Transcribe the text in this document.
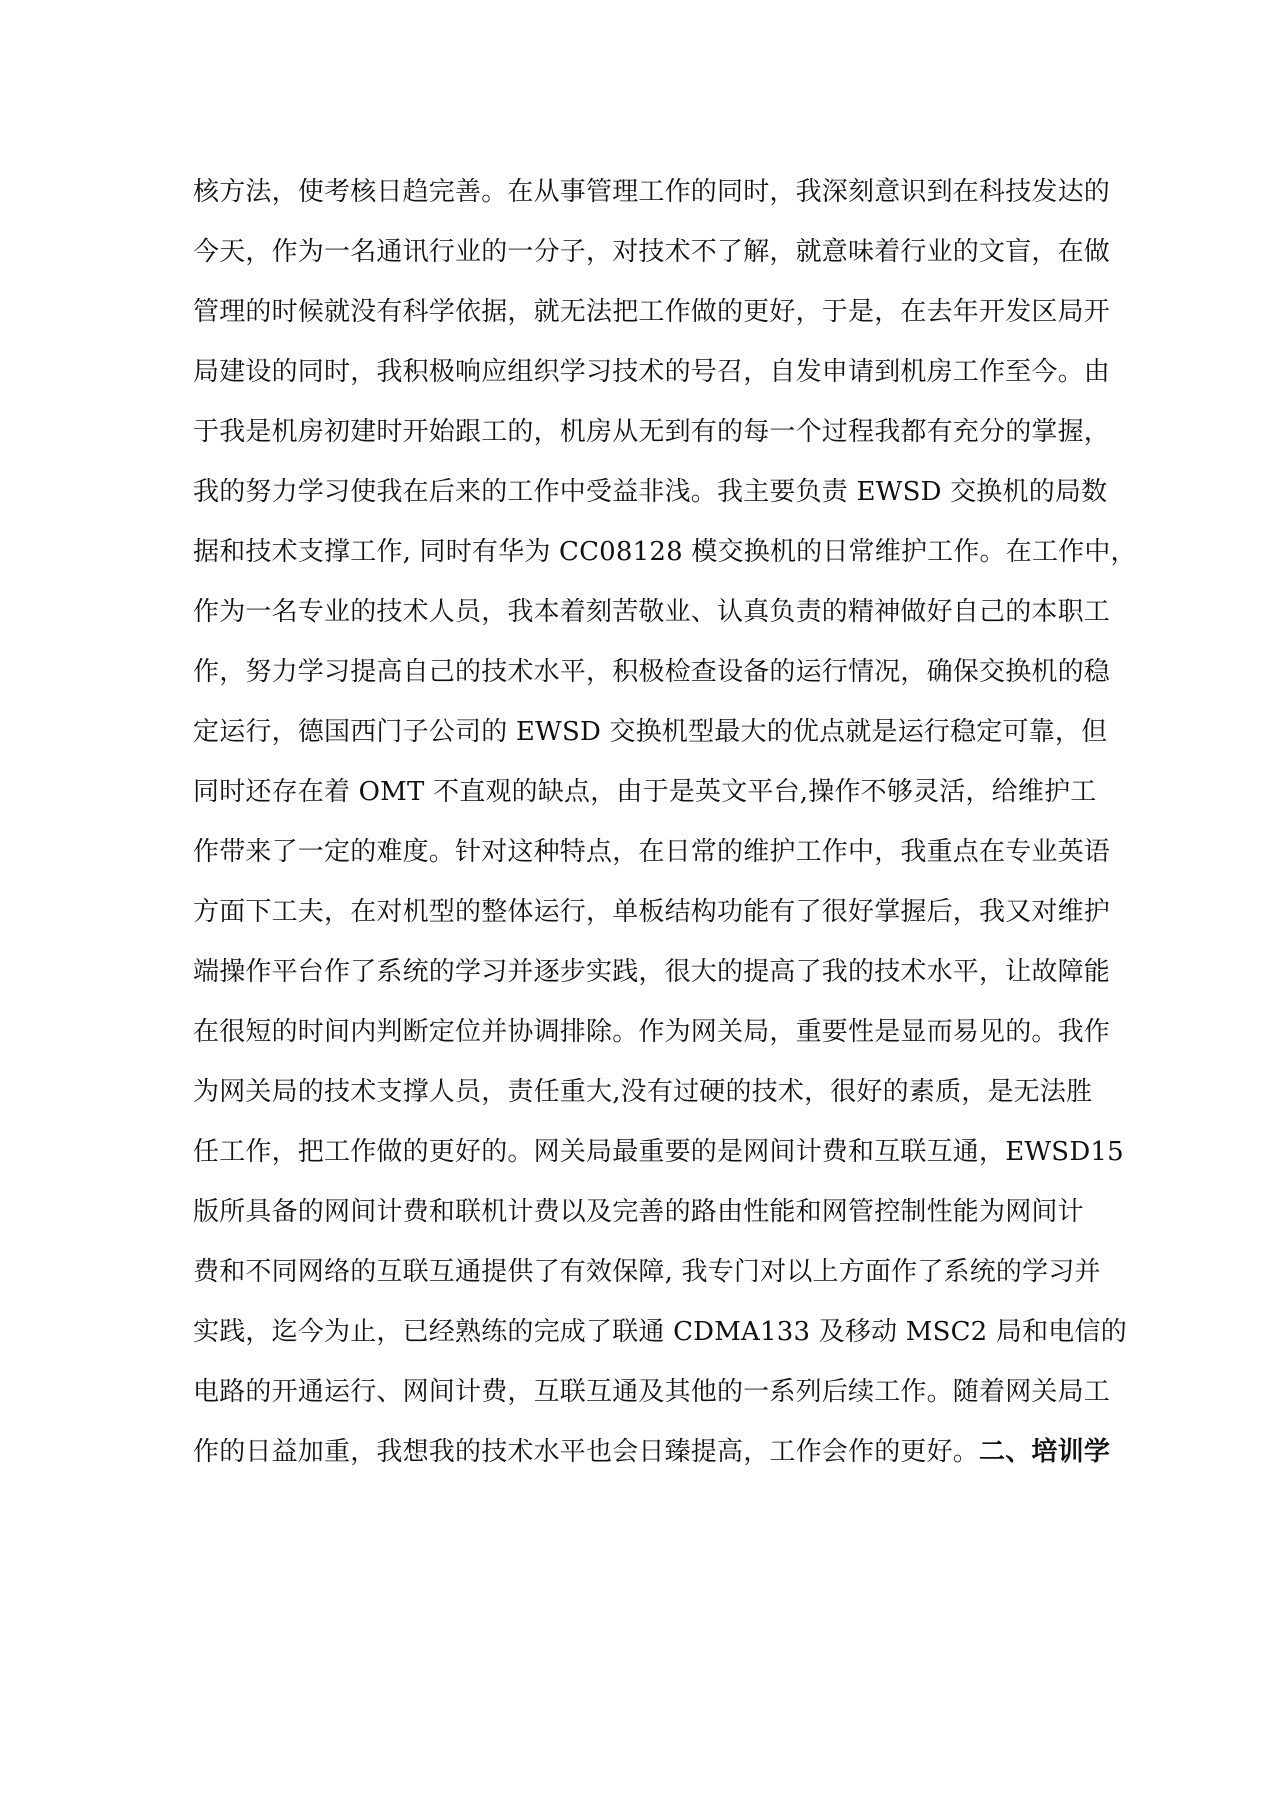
核方法，使考核日趋完善。在从事管理工作的同时，我深刻意识到在科技发达的
今天，作为一名通讯行业的一分子，对技术不了解，就意味着行业的文盲，在做
管理的时候就没有科学依据，就无法把工作做的更好，于是，在去年开发区局开
局建设的同时，我积极响应组织学习技术的号召，自发申请到机房工作至今。由
于我是机房初建时开始跟工的，机房从无到有的每一个过程我都有充分的掌握，
我的努力学习使我在后来的工作中受益非浅。我主要负责 EWSD 交换机的局数
据和技术支撑工作, 同时有华为 CC08128 模交换机的日常维护工作。在工作中，
作为一名专业的技术人员，我本着刻苦敬业、认真负责的精神做好自己的本职工
作，努力学习提高自己的技术水平，积极检查设备的运行情况，确保交换机的稳
定运行，德国西门子公司的 EWSD 交换机型最大的优点就是运行稳定可靠，但
同时还存在着 OMT 不直观的缺点，由于是英文平台,操作不够灵活，给维护工
作带来了一定的难度。针对这种特点，在日常的维护工作中，我重点在专业英语
方面下工夫，在对机型的整体运行，单板结构功能有了很好掌握后，我又对维护
端操作平台作了系统的学习并逐步实践，很大的提高了我的技术水平，让故障能
在很短的时间内判断定位并协调排除。作为网关局，重要性是显而易见的。我作
为网关局的技术支撑人员，责任重大,没有过硬的技术，很好的素质，是无法胜
任工作，把工作做的更好的。网关局最重要的是网间计费和互联互通，EWSD15
版所具备的网间计费和联机计费以及完善的路由性能和网管控制性能为网间计
费和不同网络的互联互通提供了有效保障, 我专门对以上方面作了系统的学习并
实践，迄今为止，已经熟练的完成了联通 CDMA133 及移动 MSC2 局和电信的
电路的开通运行、网间计费，互联互通及其他的一系列后续工作。随着网关局工
作的日益加重，我想我的技术水平也会日臻提高，工作会作的更好。二、培训学
